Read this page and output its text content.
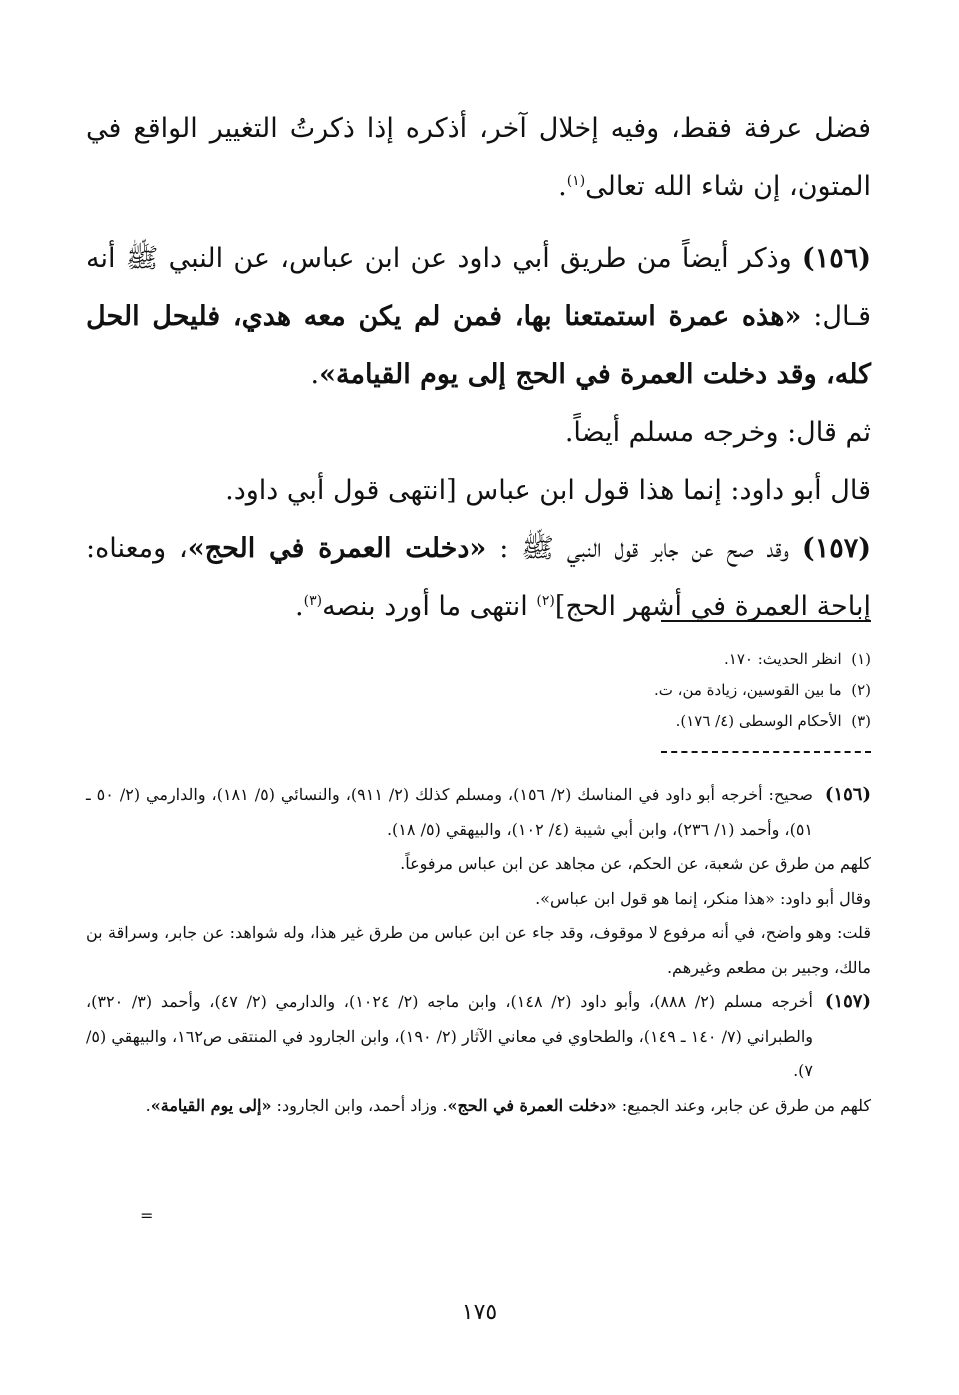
فضل عرفة فقط، وفيه إخلال آخر، أذكره إذا ذكرتُ التغيير الواقع في المتون، إن شاء الله تعالى$^{(١)}$.

(١٥٦) وذكر أيضاً من طريق أبي داود عن ابن عباس، عن النبي ﷺ أنه قـال: «هذه عمرة استمتعنا بها، فمن لم يكن معه هدي، فليحل الحل كله، وقد دخلت العمرة في الحج إلى يوم القيامة».

ثم قال: وخرجه مسلم أيضاً.

قال أبو داود: إنما هذا قول ابن عباس [انتهى قول أبي داود.

(١٥٧) وقد صح عن جابر قول النبي ﷺ : «دخلت العمرة في الحج»، ومعناه: إباحة العمرة في أشهر الحج]$^{(٢)}$ انتهى ما أورد بنصه$^{(٣)}$.

(١)  انظر الحديث: ١٧٠.
(٢)  ما بين القوسين، زيادة من، ت.
(٣)  الأحكام الوسطى (٤/ ١٧٦).
(١٥٦)

صحيح: أخرجه أبو داود في المناسك (٢/ ١٥٦)، ومسلم كذلك (٢/ ٩١١)، والنسائي (٥/ ١٨١)، والدارمي (٢/ ٥٠ ـ ٥١)، وأحمد (١/ ٢٣٦)، وابن أبي شيبة (٤/ ١٠٢)، والبيهقي (٥/ ١٨).

كلهم من طرق عن شعبة، عن الحكم، عن مجاهد عن ابن عباس مرفوعاً.

وقال أبو داود: «هذا منكر، إنما هو قول ابن عباس».

قلت: وهو واضح، في أنه مرفوع لا موقوف، وقد جاء عن ابن عباس من طرق غير هذا، وله شواهد: عن جابر، وسراقة بن مالك، وجبير بن مطعم وغيرهم.

(١٥٧)

أخرجه مسلم (٢/ ٨٨٨)، وأبو داود (٢/ ١٤٨)، وابن ماجه (٢/ ١٠٢٤)، والدارمي (٢/ ٤٧)، وأحمد (٣/ ٣٢٠)، والطبراني (٧/ ١٤٠ ـ ١٤٩)، والطحاوي في معاني الآثار (٢/ ١٩٠)، وابن الجارود في المنتقى ص١٦٢، والبيهقي (٥/ ٧).

كلهم من طرق عن جابر، وعند الجميع: «دخلت العمرة في الحج». وزاد أحمد، وابن الجارود: «إلى يوم القيامة».

=
١٧٥
